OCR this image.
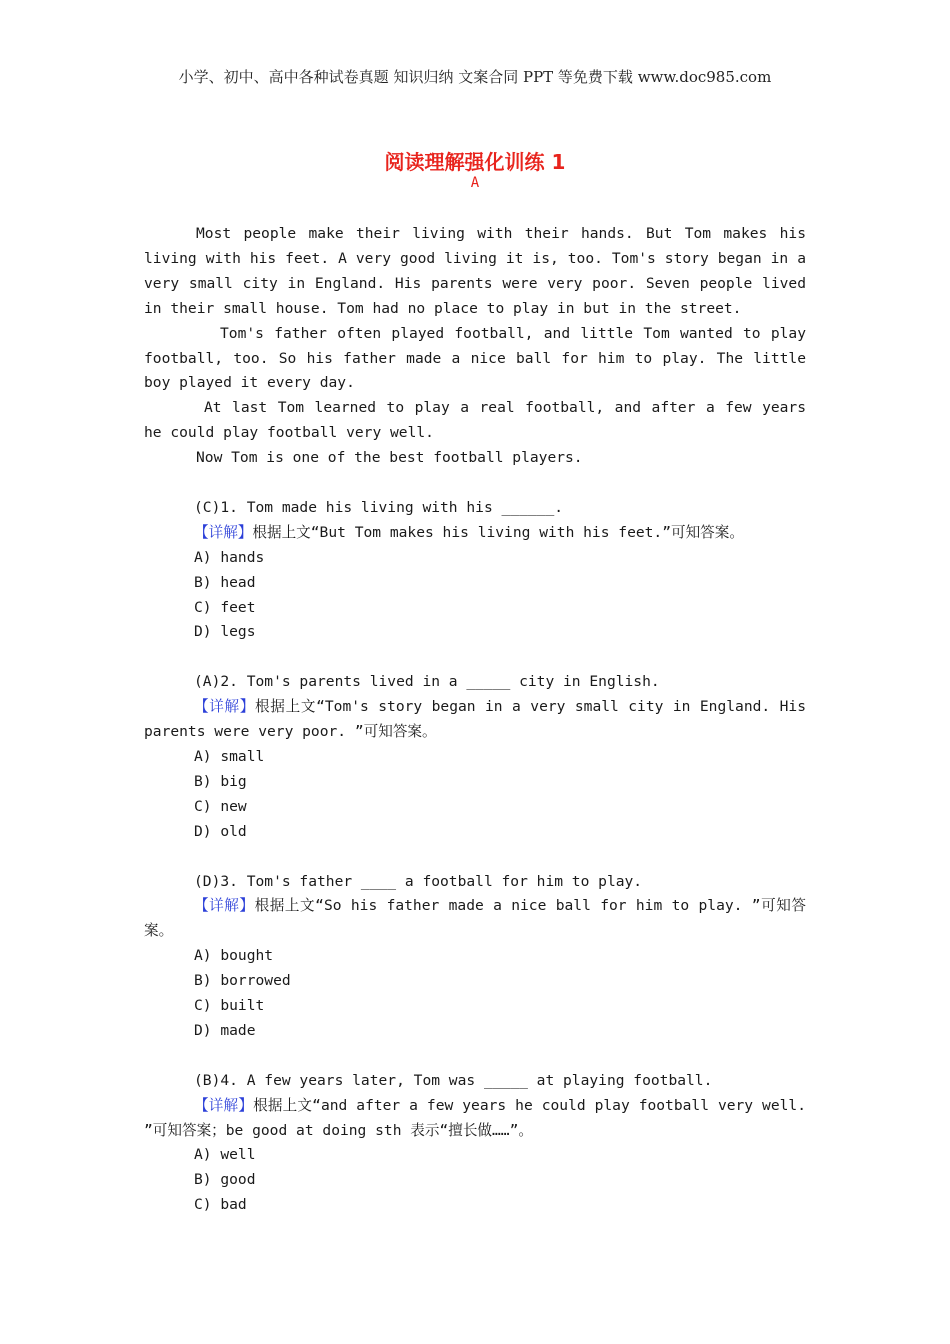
小学、初中、高中各种试卷真题 知识归纳 文案合同 PPT 等免费下载 www.doc985.com
阅读理解强化训练 1
A

Most people make their living with their hands. But Tom makes his living with his feet. A very good living it is, too. Tom's story began in a very small city in England. His parents were very poor. Seven people lived in their small house. Tom had no place to play in but in the street.

Tom's father often played football, and little Tom wanted to play football, too. So his father made a nice ball for him to play. The little boy played it every day.

At last Tom learned to play a real football, and after a few years he could play football very well.

Now Tom is one of the best football players.

(C)1. Tom made his living with his ______.

【详解】根据上文“But Tom makes his living with his feet.”可知答案。

A) hands

B) head

C) feet

D) legs

(A)2. Tom's parents lived in a _____ city in English.

【详解】根据上文“Tom's story began in a very small city in England. His parents were very poor. ”可知答案。

A) small

B) big

C) new

D) old

(D)3. Tom's father ____ a football for him to play.

【详解】根据上文“So his father made a nice ball for him to play. ”可知答案。

A) bought

B) borrowed

C) built

D) made

(B)4. A few years later, Tom was _____ at playing football.

【详解】根据上文“and after a few years he could play football very well. ”可知答案；be good at doing sth 表示“擅长做……”。

A) well

B) good

C) bad
